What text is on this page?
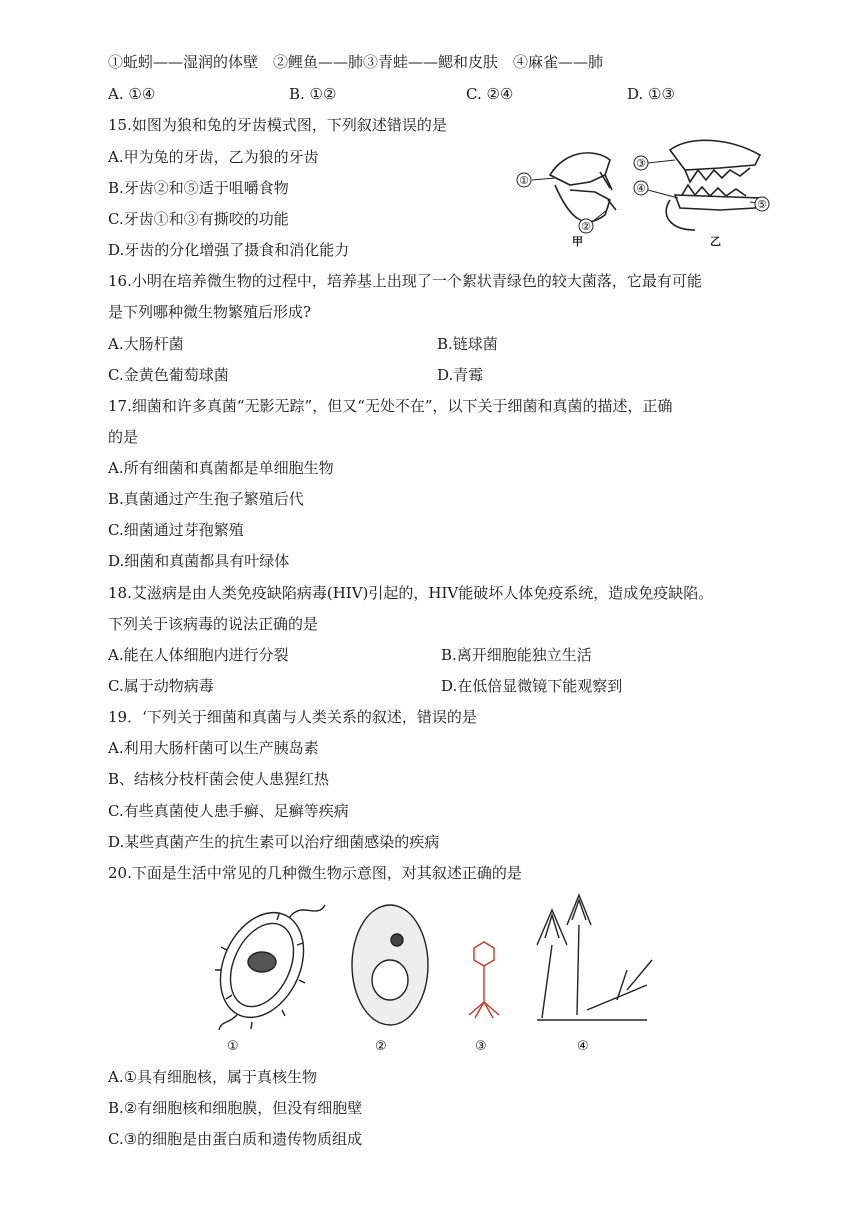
①蚯蚓——湿润的体壁　②鲤鱼——肺③青蛙——鳃和皮肤　④麻雀——肺
A. ①④	B. ①②	C. ②④	D. ①③
15.如图为狼和兔的牙齿模式图，下列叙述错误的是
A.甲为兔的牙齿，乙为狼的牙齿
B.牙齿②和⑤适于咀嚼食物
C.牙齿①和③有撕咬的功能
D.牙齿的分化增强了摄食和消化能力
①
②
③
④
⑤
甲	乙
16.小明在培养微生物的过程中，培养基上出现了一个絮状青绿色的较大菌落，它最有可能
是下列哪种微生物繁殖后形成?
A.大肠杆菌	B.链球菌
C.金黄色葡萄球菌	D.青霉
17.细菌和许多真菌“无影无踪”，但又“无处不在”，以下关于细菌和真菌的描述，正确
的是
A.所有细菌和真菌都是单细胞生物
B.真菌通过产生孢子繁殖后代
C.细菌通过芽孢繁殖
D.细菌和真菌都具有叶绿体
18.艾滋病是由人类免疫缺陷病毒(HIV)引起的，HIV能破坏人体免疫系统，造成免疫缺陷。
下列关于该病毒的说法正确的是
A.能在人体细胞内进行分裂	B.离开细胞能独立生活
C.属于动物病毒	D.在低倍显微镜下能观察到
19．‘下列关于细菌和真菌与人类关系的叙述，错误的是
A.利用大肠杆菌可以生产胰岛素
B、结核分枝杆菌会使人患猩红热
C.有些真菌使人患手癣、足癣等疾病
D.某些真菌产生的抗生素可以治疗细菌感染的疾病
20.下面是生活中常见的几种微生物示意图，对其叙述正确的是
①	②	③	④
A.①具有细胞核，属于真核生物
B.②有细胞核和细胞膜，但没有细胞壁
C.③的细胞是由蛋白质和遗传物质组成
